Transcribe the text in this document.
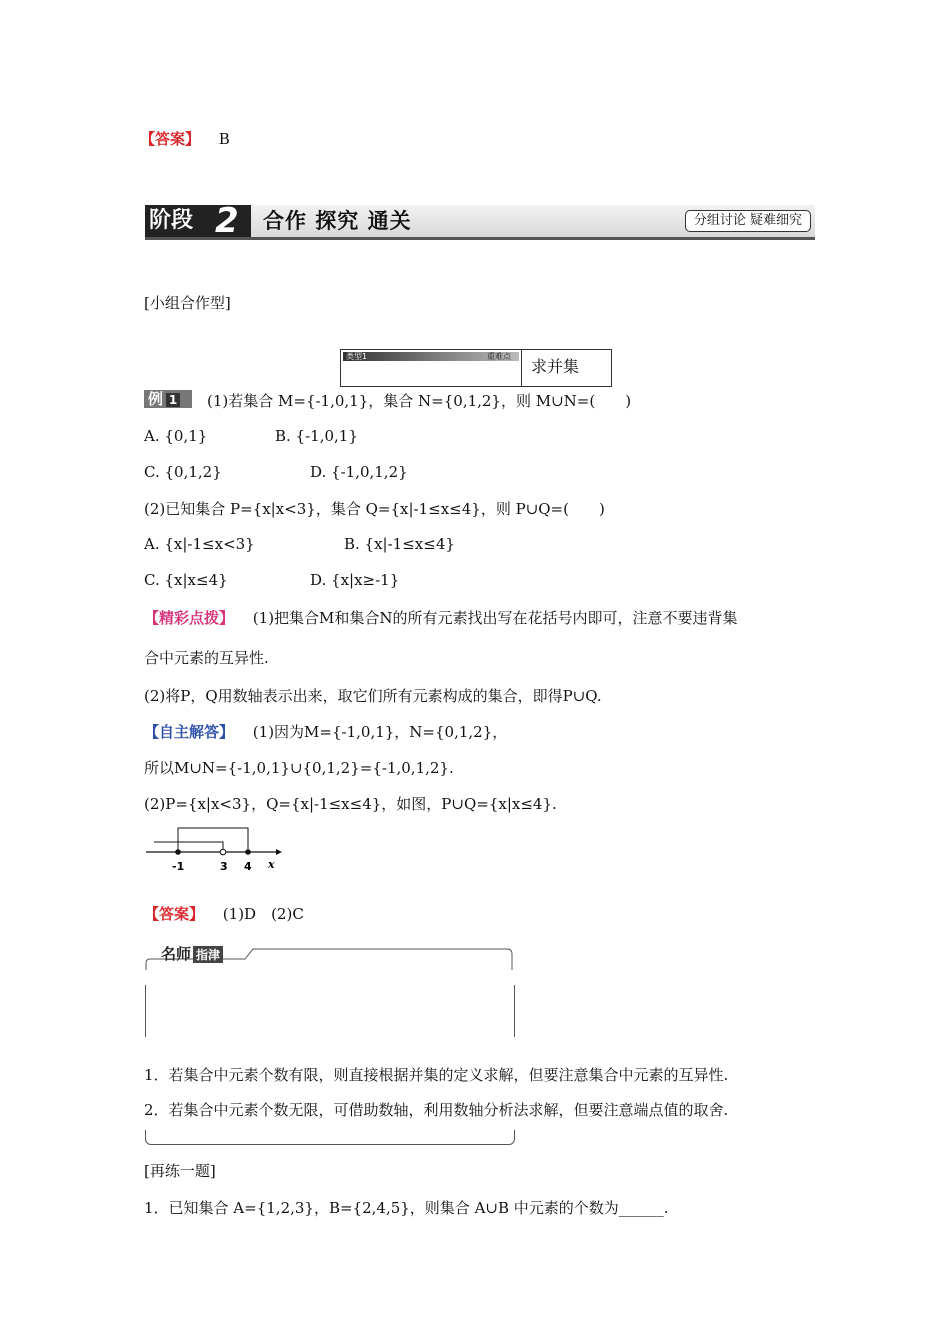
【答案】 B
阶段 2 合作 探究 通关	分组讨论 疑难细究
[小组合作型]
类型1	重难点
求并集
例 1	(1)若集合 M={-1,0,1}，集合 N={0,1,2}，则 M∪N=(　　)
A. {0,1}	B. {-1,0,1}
C. {0,1,2}	D. {-1,0,1,2}
(2)已知集合 P={x|x<3}，集合 Q={x|-1≤x≤4}，则 P∪Q=(　　)
A. {x|-1≤x<3}	B. {x|-1≤x≤4}
C. {x|x≤4}	D. {x|x≥-1}
【精彩点拨】 (1)把集合M和集合N的所有元素找出写在花括号内即可，注意不要违背集
合中元素的互异性.
(2)将P，Q用数轴表示出来，取它们所有元素构成的集合，即得P∪Q.
【自主解答】 (1)因为M={-1,0,1}，N={0,1,2}，
所以M∪N={-1,0,1}∪{0,1,2}={-1,0,1,2}.
(2)P={x|x<3}，Q={x|-1≤x≤4}，如图，P∪Q={x|x≤4}.
-1	3 4 x
【答案】 (1)D　(2)C
名师 指津
1．若集合中元素个数有限，则直接根据并集的定义求解，但要注意集合中元素的互异性.
2．若集合中元素个数无限，可借助数轴，利用数轴分析法求解，但要注意端点值的取舍.
[再练一题]
1．已知集合 A={1,2,3}，B={2,4,5}，则集合 A∪B 中元素的个数为______.
